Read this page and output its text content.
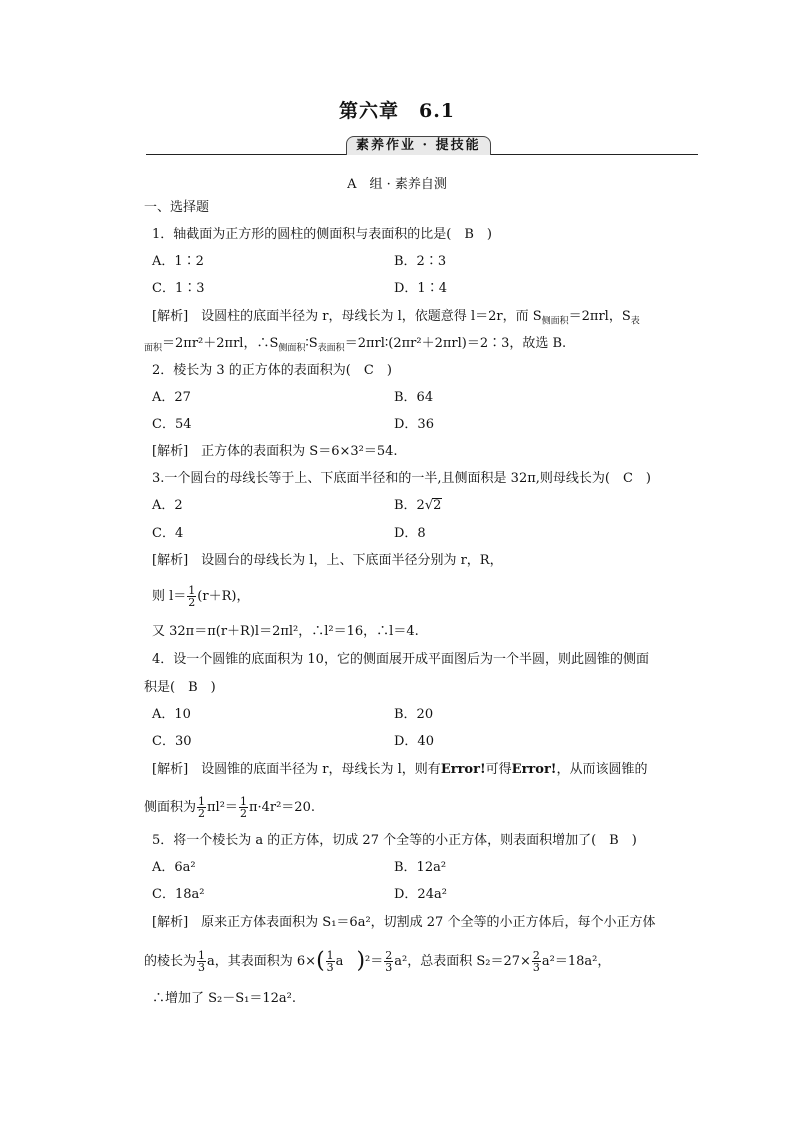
第六章 6.1
素养作业 · 提技能
A　组 · 素养自测
一、选择题
1．轴截面为正方形的圆柱的侧面积与表面积的比是(　B　)
A．1∶2	B．2∶3
C．1∶3	D．1∶4
[解析]　 设圆柱的底面半径为 r，母线长为 l，依题意得 l＝2r，而 $S_{侧面积}=2\pi rl$，$S_表$
$_{面积}$＝2πr²＋2πrl，$\therefore S_{侧面积}∶S_{表面积}=2\pi rl∶(2\pi r^2+2\pi rl)=2∶3$，故选 B.
2．棱长为 3 的正方体的表面积为(　C　)
A．27	B．64
C．54	D．36
[解析]　 正方体的表面积为 S＝6×3²＝54.
3.一个圆台的母线长等于上、下底面半径和的一半,且侧面积是 32π,则母线长为(　C　)
A．2	B．2√2
C．4	D．8
[解析]　 设圆台的母线长为 l，上、下底面半径分别为 r，R，
则 $l= \frac{1}{2} (r+R)$，
又 32π＝π(r＋R)l＝2πl²，∴l²＝16，∴l＝4.
4．设一个圆锥的底面积为 10，它的侧面展开成平面图后为一个半圆，则此圆锥的侧面
积是(　B　)
A．10	B．20
C．30	D．40
[解析]　 设圆锥的底面半径为 r，母线长为 l，则有Error!可得Error!，从而该圆锥的
侧面积为 $\frac{1}{2} \pi l^2= \frac{1}{2} \pi\cdot 4r^2=20$.
5．将一个棱长为 a 的正方体，切成 27 个全等的小正方体，则表面积增加了(　B　)
A．6a²	B．12a²
C．18a²	D．24a²
[解析]　 原来正方体表面积为 S₁＝6a²，切割成 27 个全等的小正方体后，每个小正方体
的棱长为 $\frac{1}{3}$ a，其表面积为 $6\times( \frac{1}{3}$ a　 )$^2= \frac{2}{3} a^2$，总表面积 $S_2=27\times \frac{2}{3} a^2=18a^2$，
∴增加了 S₂－S₁＝12a².
